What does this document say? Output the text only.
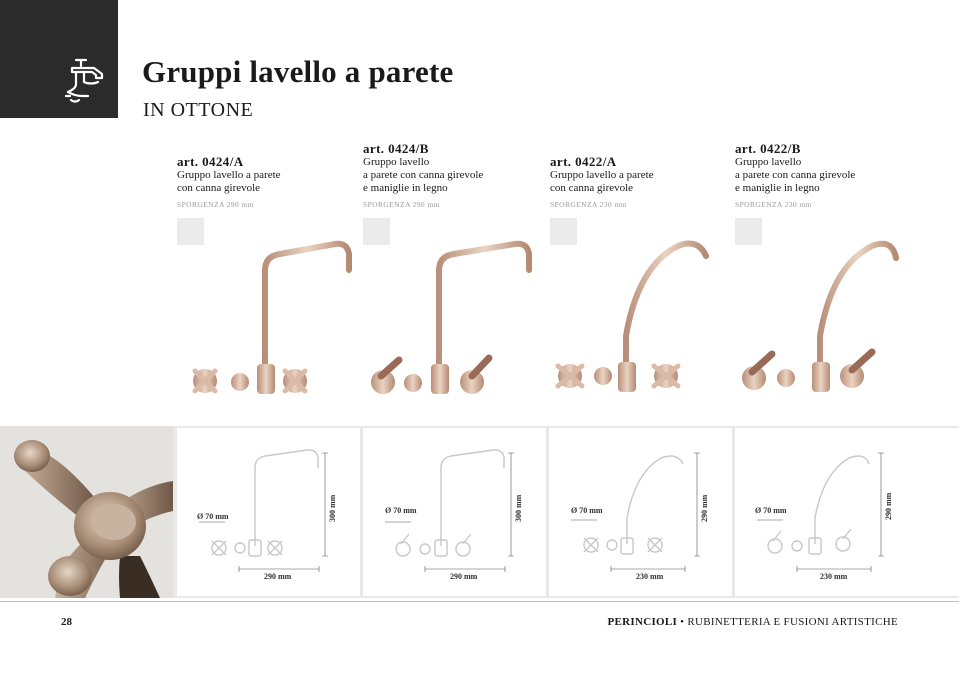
Gruppi lavello a parete
IN OTTONE
art. 0424/A
Gruppo lavello a parete
con canna girevole
SPORGENZA 290 mm
art. 0424/B
Gruppo lavello
a parete con canna girevole
e maniglie in legno
SPORGENZA 290 mm
art. 0422/A
Gruppo lavello a parete
con canna girevole
SPORGENZA 230 mm
art. 0422/B
Gruppo lavello
a parete con canna girevole
e maniglie in legno
SPORGENZA 230 mm
Ø 70 mm
290 mm
300 mm	Ø 70 mm
290 mm
300 mm	Ø 70 mm
230 mm
290 mm	Ø 70 mm
230 mm
290 mm
28	PERINCIOLI • RUBINETTERIA E FUSIONI ARTISTICHE
